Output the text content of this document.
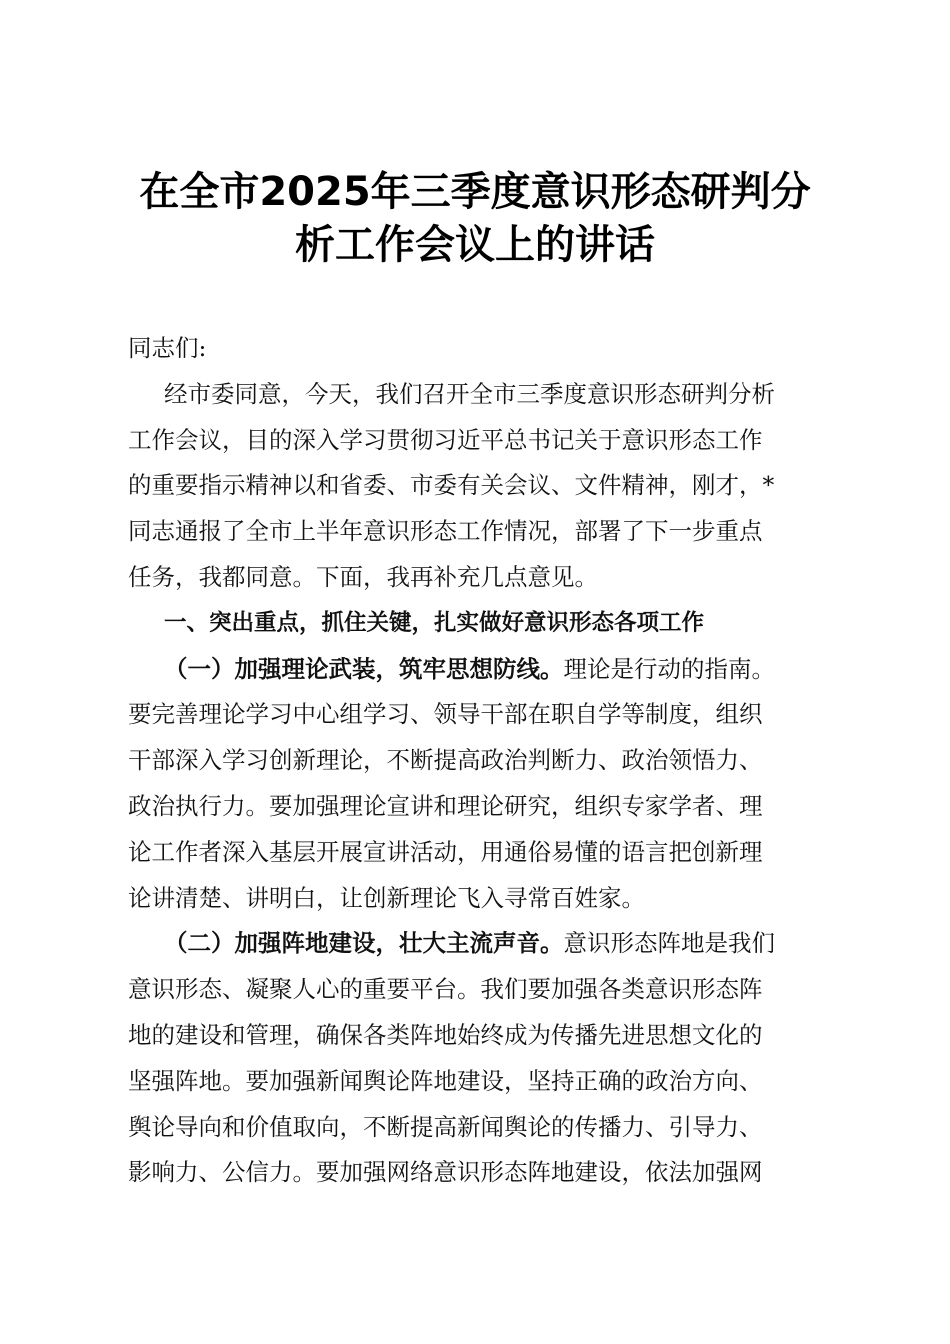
在全市2025年三季度意识形态研判分
析工作会议上的讲话
同志们:
经市委同意，今天，我们召开全市三季度意识形态研判分析
工作会议，目的深入学习贯彻习近平总书记关于意识形态工作
的重要指示精神以和省委、市委有关会议、文件精神，刚才，*
同志通报了全市上半年意识形态工作情况，部署了下一步重点
任务，我都同意。下面，我再补充几点意见。
一、突出重点，抓住关键，扎实做好意识形态各项工作
（一）加强理论武装，筑牢思想防线。理论是行动的指南。
要完善理论学习中心组学习、领导干部在职自学等制度，组织
干部深入学习创新理论，不断提高政治判断力、政治领悟力、
政治执行力。要加强理论宣讲和理论研究，组织专家学者、理
论工作者深入基层开展宣讲活动，用通俗易懂的语言把创新理
论讲清楚、讲明白，让创新理论飞入寻常百姓家。
（二）加强阵地建设，壮大主流声音。意识形态阵地是我们
意识形态、凝聚人心的重要平台。我们要加强各类意识形态阵
地的建设和管理，确保各类阵地始终成为传播先进思想文化的
坚强阵地。要加强新闻舆论阵地建设，坚持正确的政治方向、
舆论导向和价值取向，不断提高新闻舆论的传播力、引导力、
影响力、公信力。要加强网络意识形态阵地建设，依法加强网
